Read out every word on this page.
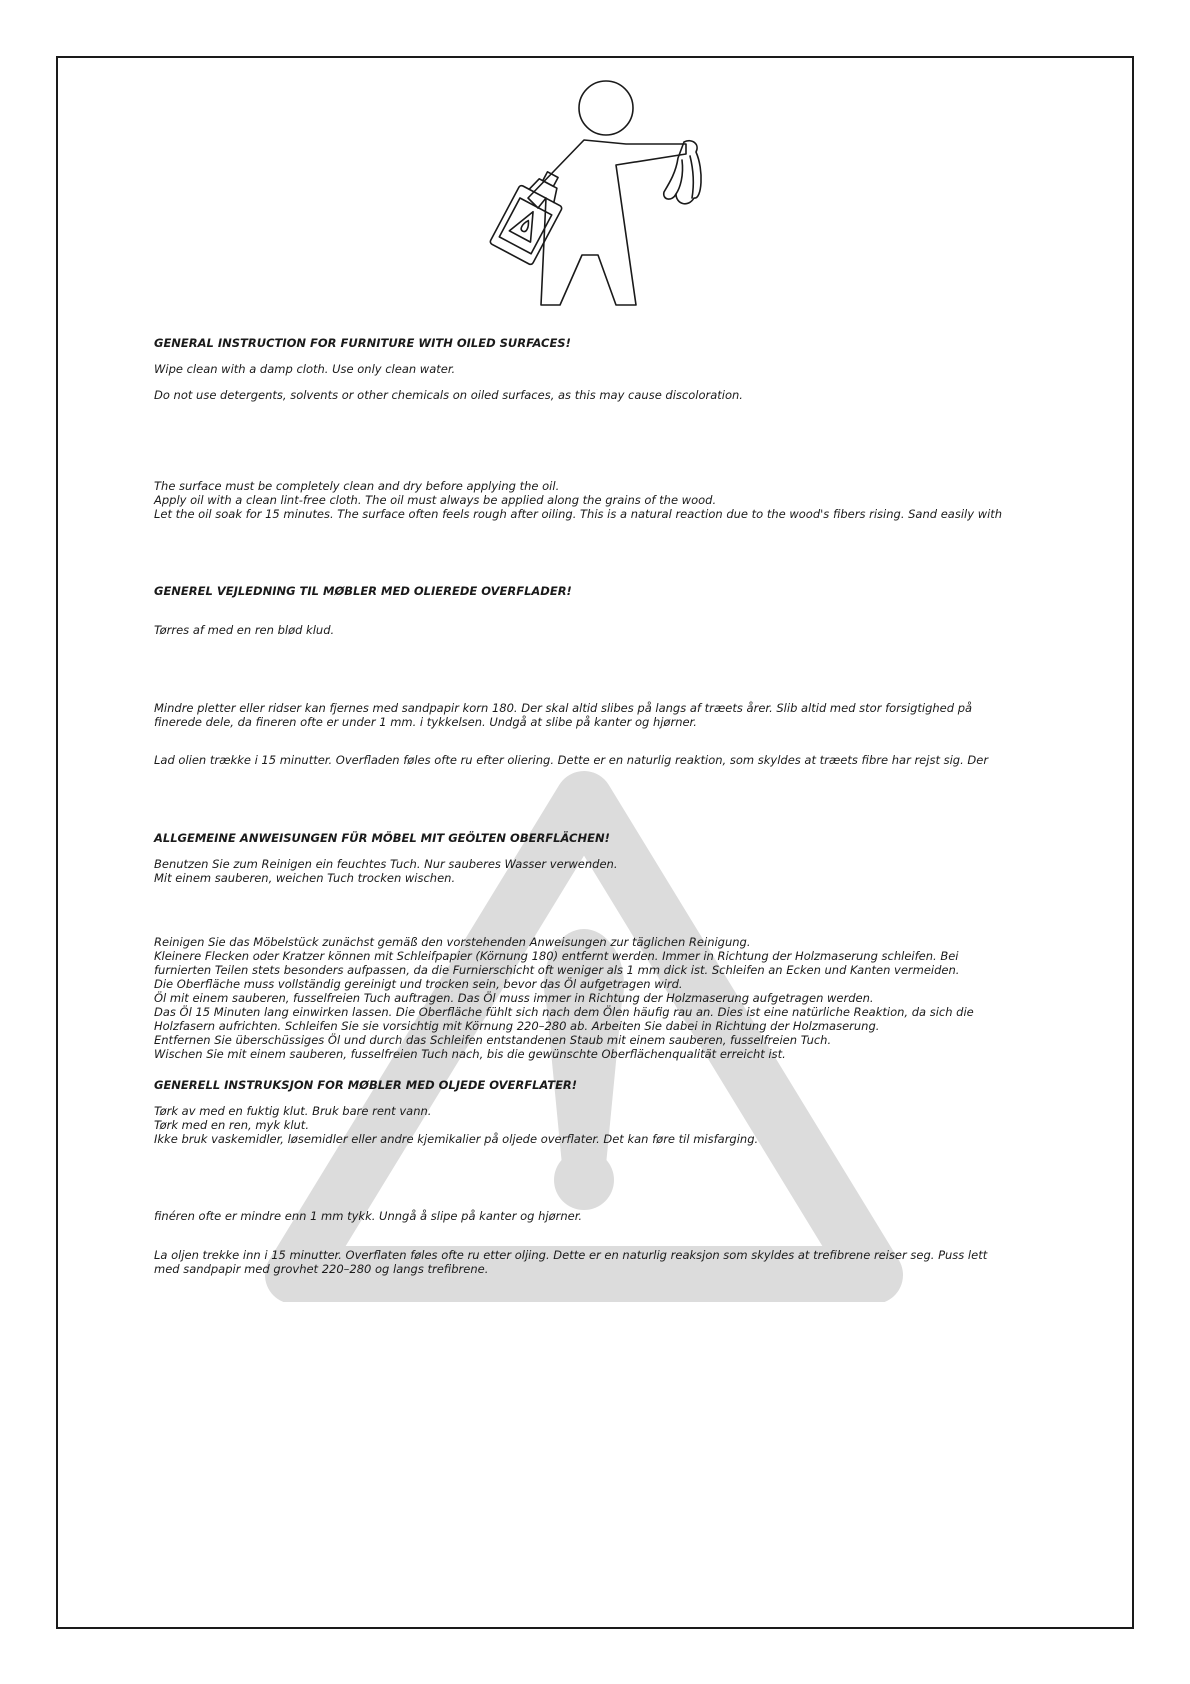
GENERAL INSTRUCTION FOR FURNITURE WITH OILED SURFACES!

Wipe clean with a damp cloth. Use only clean water.

Do not use detergents, solvents or other chemicals on oiled surfaces, as this may cause discoloration.

The surface must be completely clean and dry before applying the oil.
Apply oil with a clean lint-free cloth. The oil must always be applied along the grains of the wood.
Let the oil soak for 15 minutes. The surface often feels rough after oiling. This is a natural reaction due to the wood's fibers rising. Sand easily with

GENEREL VEJLEDNING TIL MØBLER MED OLIEREDE OVERFLADER!

Tørres af med en ren blød klud.

Mindre pletter eller ridser kan fjernes med sandpapir korn 180. Der skal altid slibes på langs af træets årer. Slib altid med stor forsigtighed på
finerede dele, da fineren ofte er under 1 mm. i tykkelsen. Undgå at slibe på kanter og hjørner.

Lad olien trække i 15 minutter. Overfladen føles ofte ru efter oliering. Dette er en naturlig reaktion, som skyldes at træets fibre har rejst sig. Der

ALLGEMEINE ANWEISUNGEN FÜR MÖBEL MIT GEÖLTEN OBERFLÄCHEN!

Benutzen Sie zum Reinigen ein feuchtes Tuch. Nur sauberes Wasser verwenden.
Mit einem sauberen, weichen Tuch trocken wischen.
Reinigen Sie das Möbelstück zunächst gemäß den vorstehenden Anweisungen zur täglichen Reinigung.
Kleinere Flecken oder Kratzer können mit Schleifpapier (Körnung 180) entfernt werden. Immer in Richtung der Holzmaserung schleifen. Bei
furnierten Teilen stets besonders aufpassen, da die Furnierschicht oft weniger als 1 mm dick ist. Schleifen an Ecken und Kanten vermeiden.
Die Oberfläche muss vollständig gereinigt und trocken sein, bevor das Öl aufgetragen wird.
Öl mit einem sauberen, fusselfreien Tuch auftragen. Das Öl muss immer in Richtung der Holzmaserung aufgetragen werden.
Das Öl 15 Minuten lang einwirken lassen. Die Oberfläche fühlt sich nach dem Ölen häufig rau an. Dies ist eine natürliche Reaktion, da sich die
Holzfasern aufrichten. Schleifen Sie sie vorsichtig mit Körnung 220–280 ab. Arbeiten Sie dabei in Richtung der Holzmaserung.
Entfernen Sie überschüssiges Öl und durch das Schleifen entstandenen Staub mit einem sauberen, fusselfreien Tuch.
Wischen Sie mit einem sauberen, fusselfreien Tuch nach, bis die gewünschte Oberflächenqualität erreicht ist.

GENERELL INSTRUKSJON FOR MØBLER MED OLJEDE OVERFLATER!

Tørk av med en fuktig klut. Bruk bare rent vann.
Tørk med en ren, myk klut.
Ikke bruk vaskemidler, løsemidler eller andre kjemikalier på oljede overflater. Det kan føre til misfarging.

finéren ofte er mindre enn 1 mm tykk. Unngå å slipe på kanter og hjørner.

La oljen trekke inn i 15 minutter. Overflaten føles ofte ru etter oljing. Dette er en naturlig reaksjon som skyldes at trefibrene reiser seg. Puss lett
med sandpapir med grovhet 220–280 og langs trefibrene.
